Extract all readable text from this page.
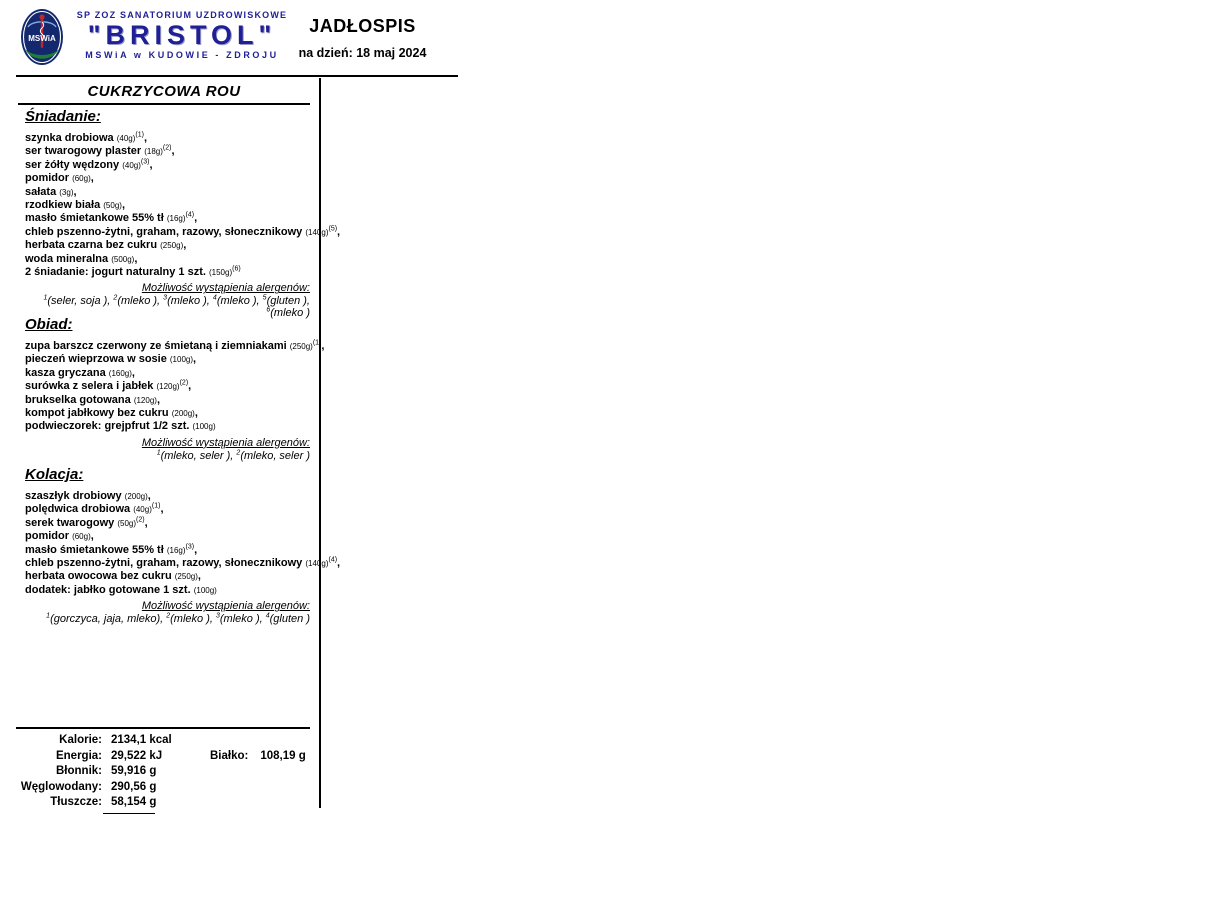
MSWiA
SP ZOZ SANATORIUM UZDROWISKOWE
"BRISTOL"
MSWiA w KUDOWIE - ZDROJU
JADŁOSPIS
na dzień: 18 maj 2024
CUKRZYCOWA ROU
Śniadanie:
szynka drobiowa (40g)$^{(1)}$,
ser twarogowy plaster (18g)$^{(2)}$,
ser żółty wędzony (40g)$^{(3)}$,
pomidor (60g),
sałata (3g),
rzodkiew biała (50g),
masło śmietankowe 55% tł (16g)$^{(4)}$,
chleb pszenno-żytni, graham, razowy, słonecznikowy (140g)$^{(5)}$,
herbata czarna bez cukru (250g),
woda mineralna (500g),
2 śniadanie: jogurt naturalny 1 szt. (150g)$^{(6)}$
Możliwość wystąpienia alergenów:
$^1$(seler, soja ), $^2$(mleko ), $^3$(mleko ), $^4$(mleko ), $^5$(gluten ), $^6$(mleko )
Obiad:
zupa barszcz czerwony ze śmietaną i ziemniakami (250g)$^{(1)}$,
pieczeń wieprzowa w sosie (100g),
kasza gryczana (160g),
surówka z selera i jabłek (120g)$^{(2)}$,
brukselka gotowana (120g),
kompot jabłkowy bez cukru (200g),
podwieczorek: grejpfrut 1/2 szt. (100g)
Możliwość wystąpienia alergenów:
$^1$(mleko, seler ), $^2$(mleko, seler )
Kolacja:
szaszłyk drobiowy (200g),
polędwica drobiowa (40g)$^{(1)}$,
serek twarogowy (50g)$^{(2)}$,
pomidor (60g),
masło śmietankowe 55% tł (16g)$^{(3)}$,
chleb pszenno-żytni, graham, razowy, słonecznikowy (140g)$^{(4)}$,
herbata owocowa bez cukru (250g),
dodatek: jabłko gotowane 1 szt. (100g)
Możliwość wystąpienia alergenów:
$^1$(gorczyca, jaja, mleko), $^2$(mleko ), $^3$(mleko ), $^4$(gluten )
Kalorie: 2134,1 kcal
Energia: 29,522 kJ	Białko: 108,19 g
Błonnik: 59,916 g
Węglowodany: 290,56 g
Tłuszcze: 58,154 g
